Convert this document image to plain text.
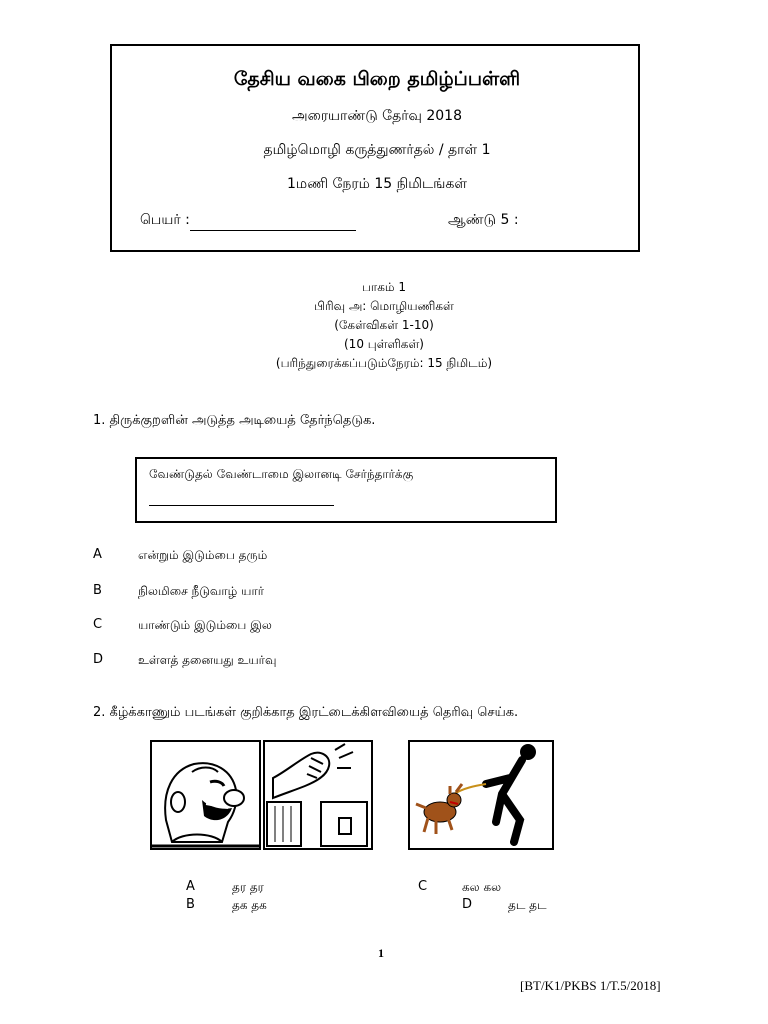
தேசிய வகை பிறை தமிழ்ப்பள்ளி
அரையாண்டு தேர்வு 2018
தமிழ்மொழி கருத்துணர்தல் / தாள் 1
1மணி நேரம் 15 நிமிடங்கள்
பெயர் :	ஆண்டு 5 :
பாகம் 1
பிரிவு அ: மொழியணிகள்
(கேள்விகள் 1-10)
(10 புள்ளிகள்)
(பரிந்துரைக்கப்படும்நேரம்: 15 நிமிடம்)
1. திருக்குறளின் அடுத்த அடியைத் தேர்ந்தெடுக.
வேண்டுதல் வேண்டாமை இலானடி சேர்ந்தார்க்கு
A	என்றும் இடும்பை தரும்
B	நிலமிசை நீடுவாழ் யார்
C	யாண்டும் இடும்பை இல
D	உள்ளத் தனையது உயர்வு
2. கீழ்க்காணும் படங்கள் குறிக்காத இரட்டைக்கிளவியைத் தெரிவு செய்க.
A	தர தர
B	தக தக
C	கல கல
D	தட தட
1
[BT/K1/PKBS 1/T.5/2018]
